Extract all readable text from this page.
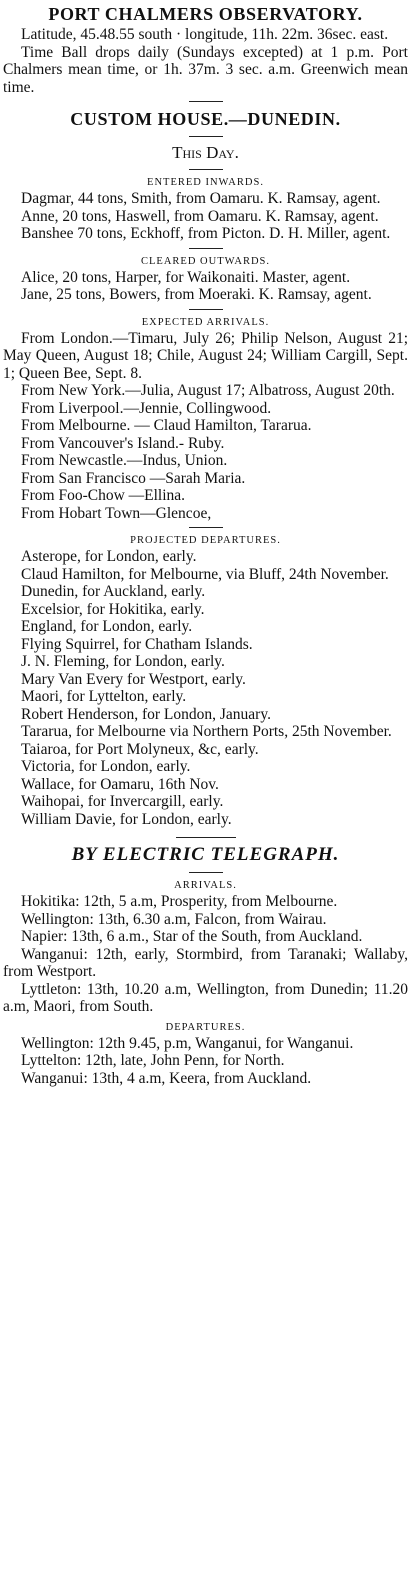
PORT CHALMERS OBSERVATORY.

Latitude, 45.48.55 south · longitude, 11h. 22m. 36sec. east.

Time Ball drops daily (Sundays excepted) at 1 p.m. Port Chalmers mean time, or 1h. 37m. 3 sec. a.m. Greenwich mean time.

CUSTOM HOUSE.—DUNEDIN.
This Day.
ENTERED INWARDS.

Dagmar, 44 tons, Smith, from Oamaru. K. Ramsay, agent.

Anne, 20 tons, Haswell, from Oamaru. K. Ramsay, agent.

Banshee 70 tons, Eckhoff, from Picton. D. H. Miller, agent.

CLEARED OUTWARDS.

Alice, 20 tons, Harper, for Waikonaiti. Master, agent.

Jane, 25 tons, Bowers, from Moeraki. K. Ramsay, agent.

EXPECTED ARRIVALS.

From London.—Timaru, July 26; Philip Nelson, August 21; May Queen, August 18; Chile, August 24; William Cargill, Sept. 1; Queen Bee, Sept. 8.

From New York.—Julia, August 17; Albatross, August 20th.

From Liverpool.—Jennie, Collingwood.

From Melbourne. — Claud Hamilton, Tararua.

From Vancouver's Island.- Ruby.

From Newcastle.—Indus, Union.

From San Francisco —Sarah Maria.

From Foo-Chow —Ellina.

From Hobart Town—Glencoe,

PROJECTED DEPARTURES.

Asterope, for London, early.

Claud Hamilton, for Melbourne, via Bluff, 24th November.

Dunedin, for Auckland, early.

Excelsior, for Hokitika, early.

England, for London, early.

Flying Squirrel, for Chatham Islands.

J. N. Fleming, for London, early.

Mary Van Every for Westport, early.

Maori, for Lyttelton, early.

Robert Henderson, for London, January.

Tararua, for Melbourne via Northern Ports, 25th November.

Taiaroa, for Port Molyneux, &c, early.

Victoria, for London, early.

Wallace, for Oamaru, 16th Nov.

Waihopai, for Invercargill, early.

William Davie, for London, early.

BY ELECTRIC TELEGRAPH.
ARRIVALS.

Hokitika: 12th, 5 a.m, Prosperity, from Melbourne.

Wellington: 13th, 6.30 a.m, Falcon, from Wairau.

Napier: 13th, 6 a.m., Star of the South, from Auckland.

Wanganui: 12th, early, Stormbird, from Taranaki; Wallaby, from Westport.

Lyttleton: 13th, 10.20 a.m, Wellington, from Dunedin; 11.20 a.m, Maori, from South.

DEPARTURES.

Wellington: 12th 9.45, p.m, Wanganui, for Wanganui.

Lyttelton: 12th, late, John Penn, for North.

Wanganui: 13th, 4 a.m, Keera, from Auckland.
